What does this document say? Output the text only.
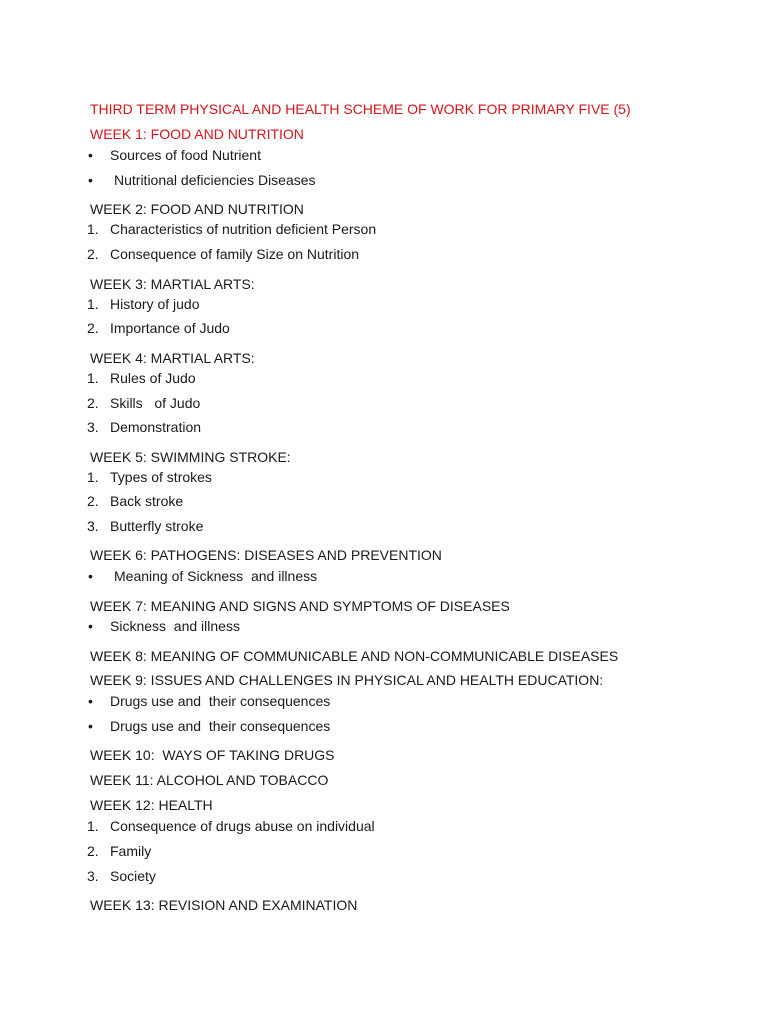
THIRD TERM PHYSICAL AND HEALTH SCHEME OF WORK FOR PRIMARY FIVE (5)
WEEK 1: FOOD AND NUTRITION
• Sources of food Nutrient
• Nutritional deficiencies Diseases
WEEK 2: FOOD AND NUTRITION
1. Characteristics of nutrition deficient Person
2. Consequence of family Size on Nutrition
WEEK 3: MARTIAL ARTS:
1. History of judo
2. Importance of Judo
WEEK 4: MARTIAL ARTS:
1. Rules of Judo
2. Skills   of Judo
3. Demonstration
WEEK 5: SWIMMING STROKE:
1. Types of strokes
2. Back stroke
3. Butterfly stroke
WEEK 6: PATHOGENS: DISEASES AND PREVENTION
• Meaning of Sickness  and illness
WEEK 7: MEANING AND SIGNS AND SYMPTOMS OF DISEASES
• Sickness  and illness
WEEK 8: MEANING OF COMMUNICABLE AND NON-COMMUNICABLE DISEASES
WEEK 9: ISSUES AND CHALLENGES IN PHYSICAL AND HEALTH EDUCATION:
• Drugs use and  their consequences
• Drugs use and  their consequences
WEEK 10:  WAYS OF TAKING DRUGS
WEEK 11: ALCOHOL AND TOBACCO
WEEK 12: HEALTH
1. Consequence of drugs abuse on individual
2. Family
3. Society
WEEK 13: REVISION AND EXAMINATION
